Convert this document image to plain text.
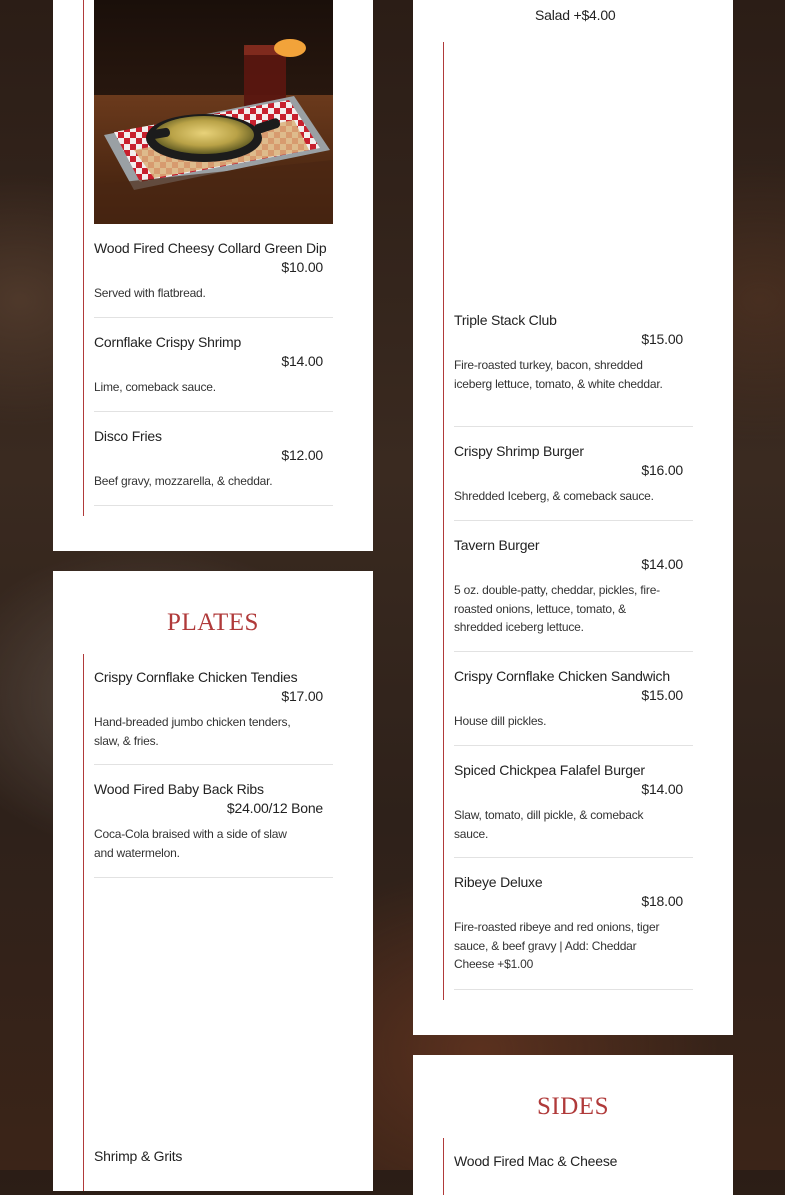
Wood Fired Cheesy Collard Green Dip
$10.00
Served with flatbread.
Cornflake Crispy Shrimp
$14.00
Lime, comeback sauce.
Disco Fries
$12.00
Beef gravy, mozzarella, & cheddar.
PLATES
Crispy Cornflake Chicken Tendies
$17.00
Hand-breaded jumbo chicken tenders, slaw, & fries.
Wood Fired Baby Back Ribs
$24.00/12 Bone
Coca-Cola braised with a side of slaw and watermelon.
Shrimp & Grits
Salad +$4.00
Triple Stack Club
$15.00
Fire-roasted turkey, bacon, shredded iceberg lettuce, tomato, & white cheddar.
Crispy Shrimp Burger
$16.00
Shredded Iceberg, & comeback sauce.
Tavern Burger
$14.00
5 oz. double-patty, cheddar, pickles, fire-roasted onions, lettuce, tomato, & shredded iceberg lettuce.
Crispy Cornflake Chicken Sandwich
$15.00
House dill pickles.
Spiced Chickpea Falafel Burger
$14.00
Slaw, tomato, dill pickle, & comeback sauce.
Ribeye Deluxe
$18.00
Fire-roasted ribeye and red onions, tiger sauce, & beef gravy | Add: Cheddar Cheese +$1.00
SIDES
Wood Fired Mac & Cheese
